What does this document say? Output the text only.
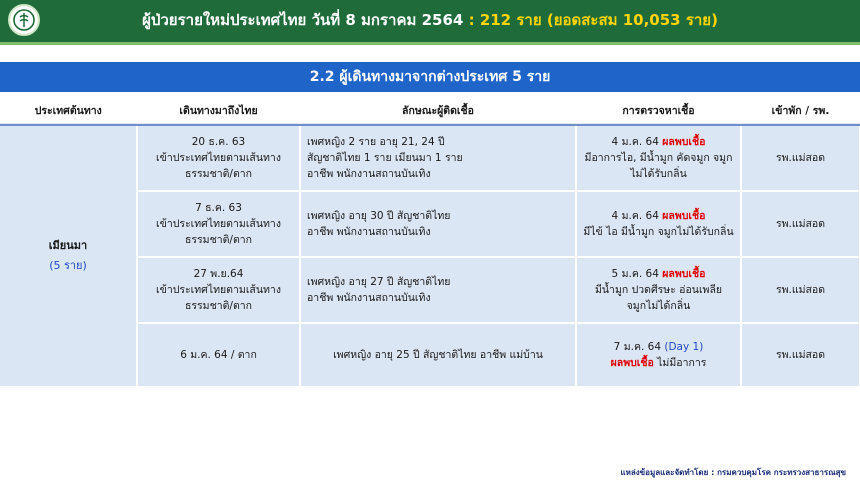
ผู้ป่วยรายใหม่ประเทศไทย วันที่ 8 มกราคม 2564 : 212 ราย (ยอดสะสม 10,053 ราย)
2.2 ผู้เดินทางมาจากต่างประเทศ 5 ราย
ประเทศต้นทาง	เดินทางมาถึงไทย	ลักษณะผู้ติดเชื้อ	การตรวจหาเชื้อ	เข้าพัก / รพ.

เมียนมา
(5 ราย)	20 ธ.ค. 63
เข้าประเทศไทยตามเส้นทาง
ธรรมชาติ/ตาก	เพศหญิง 2 ราย อายุ 21, 24 ปี
สัญชาติไทย 1 ราย เมียนมา 1 ราย
อาชีพ พนักงานสถานบันเทิง	4 ม.ค. 64 ผลพบเชื้อ
มีอาการไอ, มีน้ำมูก คัดจมูก จมูก
ไม่ได้รับกลิ่น	รพ.แม่สอด

	7 ธ.ค. 63
เข้าประเทศไทยตามเส้นทาง
ธรรมชาติ/ตาก	เพศหญิง อายุ 30 ปี สัญชาติไทย
อาชีพ พนักงานสถานบันเทิง	4 ม.ค. 64 ผลพบเชื้อ
มีไข้ ไอ มีน้ำมูก จมูกไม่ได้รับกลิ่น	รพ.แม่สอด

	27 พ.ย.64
เข้าประเทศไทยตามเส้นทาง
ธรรมชาติ/ตาก	เพศหญิง อายุ 27 ปี สัญชาติไทย
อาชีพ พนักงานสถานบันเทิง	5 ม.ค. 64 ผลพบเชื้อ
มีน้ำมูก ปวดศีรษะ อ่อนเพลีย
จมูกไม่ได้กลิ่น	รพ.แม่สอด
	6 ม.ค. 64 / ตาก	เพศหญิง อายุ 25 ปี สัญชาติไทย อาชีพ แม่บ้าน	7 ม.ค. 64 (Day 1)
ผลพบเชื้อ ไม่มีอาการ	รพ.แม่สอด
แหล่งข้อมูลและจัดทำโดย : กรมควบคุมโรค กระทรวงสาธารณสุข
